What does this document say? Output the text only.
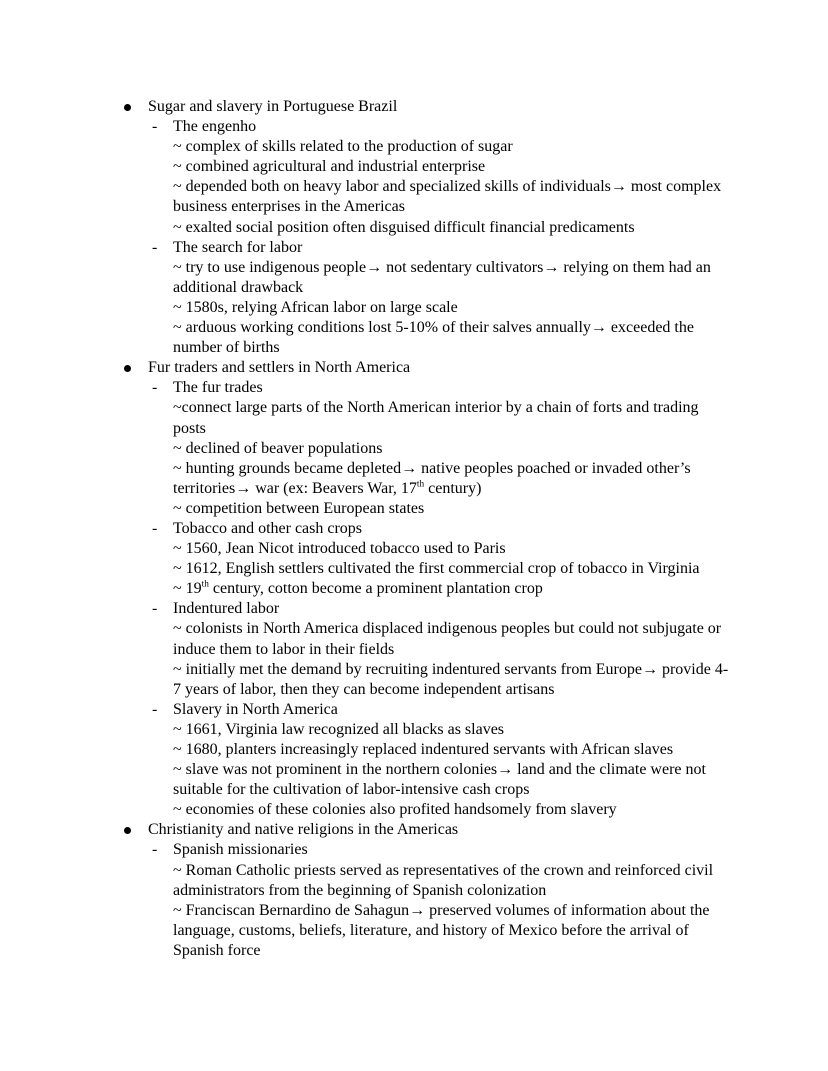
Sugar and slavery in Portuguese Brazil
- The engenho
~ complex of skills related to the production of sugar
~ combined agricultural and industrial enterprise
~ depended both on heavy labor and specialized skills of individuals→ most complex business enterprises in the Americas
~ exalted social position often disguised difficult financial predicaments
- The search for labor
~ try to use indigenous people→ not sedentary cultivators→ relying on them had an additional drawback
~ 1580s, relying African labor on large scale
~ arduous working conditions lost 5-10% of their salves annually→ exceeded the number of births
Fur traders and settlers in North America
- The fur trades
~connect large parts of the North American interior by a chain of forts and trading posts
~ declined of beaver populations
~ hunting grounds became depleted→ native peoples poached or invaded other’s territories→ war (ex: Beavers War, 17th century)
~ competition between European states
- Tobacco and other cash crops
~ 1560, Jean Nicot introduced tobacco used to Paris
~ 1612, English settlers cultivated the first commercial crop of tobacco in Virginia
~ 19th century, cotton become a prominent plantation crop
- Indentured labor
~ colonists in North America displaced indigenous peoples but could not subjugate or induce them to labor in their fields
~ initially met the demand by recruiting indentured servants from Europe→ provide 4-7 years of labor, then they can become independent artisans
- Slavery in North America
~ 1661, Virginia law recognized all blacks as slaves
~ 1680, planters increasingly replaced indentured servants with African slaves
~ slave was not prominent in the northern colonies→ land and the climate were not suitable for the cultivation of labor-intensive cash crops
~ economies of these colonies also profited handsomely from slavery
Christianity and native religions in the Americas
- Spanish missionaries
~ Roman Catholic priests served as representatives of the crown and reinforced civil administrators from the beginning of Spanish colonization
~ Franciscan Bernardino de Sahagun→ preserved volumes of information about the language, customs, beliefs, literature, and history of Mexico before the arrival of Spanish force
